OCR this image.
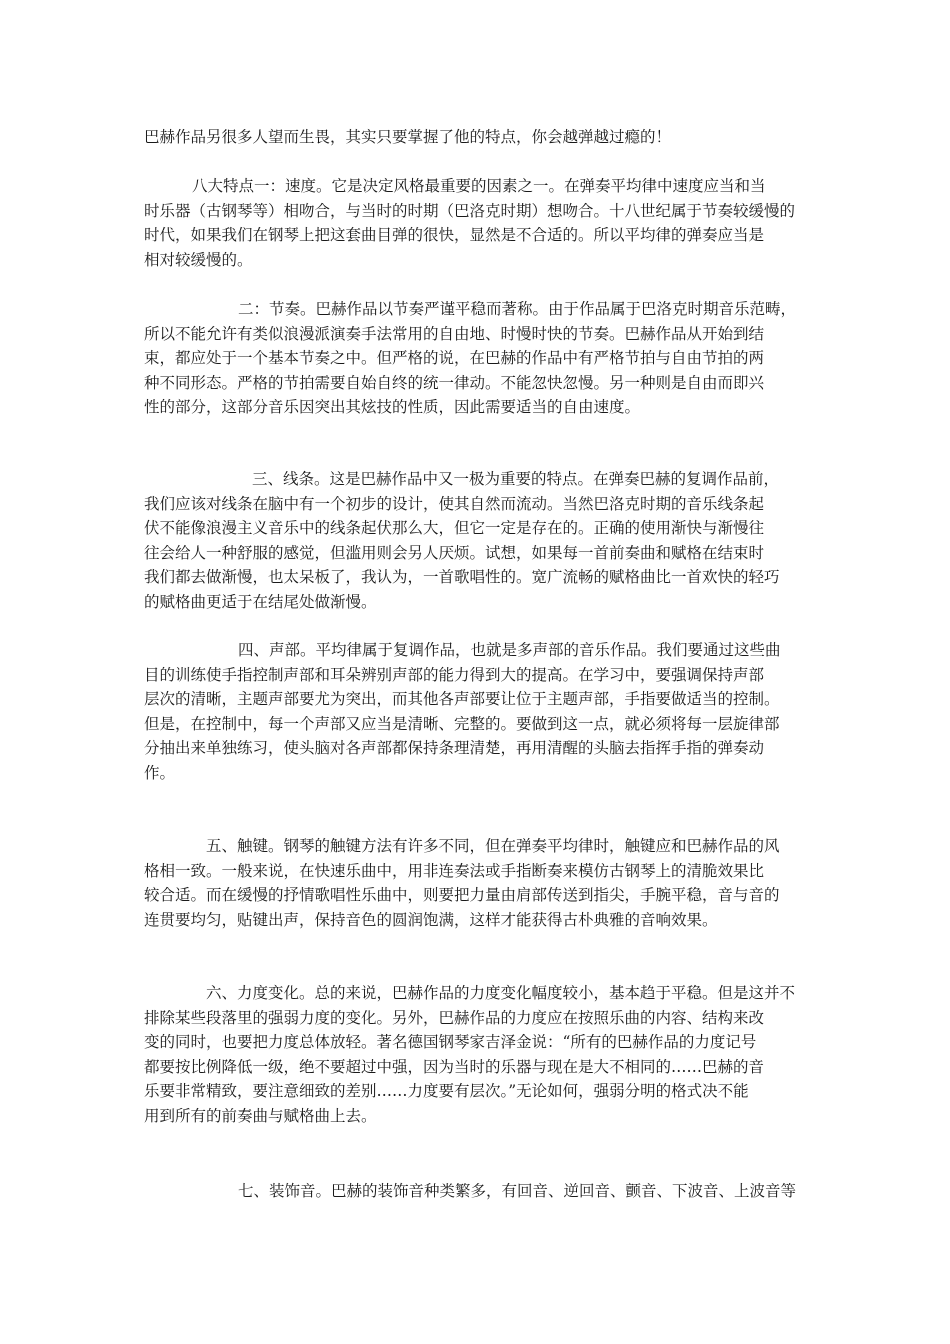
巴赫作品另很多人望而生畏，其实只要掌握了他的特点，你会越弹越过瘾的！
八大特点一：速度。它是决定风格最重要的因素之一。在弹奏平均律中速度应当和当
时乐器（古钢琴等）相吻合，与当时的时期（巴洛克时期）想吻合。十八世纪属于节奏较缓慢的
时代，如果我们在钢琴上把这套曲目弹的很快，显然是不合适的。所以平均律的弹奏应当是
相对较缓慢的。
二：节奏。巴赫作品以节奏严谨平稳而著称。由于作品属于巴洛克时期音乐范畴，
所以不能允许有类似浪漫派演奏手法常用的自由地、时慢时快的节奏。巴赫作品从开始到结
束，都应处于一个基本节奏之中。但严格的说，在巴赫的作品中有严格节拍与自由节拍的两
种不同形态。严格的节拍需要自始自终的统一律动。不能忽快忽慢。另一种则是自由而即兴
性的部分，这部分音乐因突出其炫技的性质，因此需要适当的自由速度。
三、线条。这是巴赫作品中又一极为重要的特点。在弹奏巴赫的复调作品前，
我们应该对线条在脑中有一个初步的设计，使其自然而流动。当然巴洛克时期的音乐线条起
伏不能像浪漫主义音乐中的线条起伏那么大，但它一定是存在的。正确的使用渐快与渐慢往
往会给人一种舒服的感觉，但滥用则会另人厌烦。试想，如果每一首前奏曲和赋格在结束时
我们都去做渐慢，也太呆板了，我认为，一首歌唱性的。宽广流畅的赋格曲比一首欢快的轻巧
的赋格曲更适于在结尾处做渐慢。
四、声部。平均律属于复调作品，也就是多声部的音乐作品。我们要通过这些曲
目的训练使手指控制声部和耳朵辨别声部的能力得到大的提高。在学习中，要强调保持声部
层次的清晰，主题声部要尤为突出，而其他各声部要让位于主题声部，手指要做适当的控制。
但是，在控制中，每一个声部又应当是清晰、完整的。要做到这一点，就必须将每一层旋律部
分抽出来单独练习，使头脑对各声部都保持条理清楚，再用清醒的头脑去指挥手指的弹奏动
作。
五、触键。钢琴的触键方法有许多不同，但在弹奏平均律时，触键应和巴赫作品的风
格相一致。一般来说，在快速乐曲中，用非连奏法或手指断奏来模仿古钢琴上的清脆效果比
较合适。而在缓慢的抒情歌唱性乐曲中，则要把力量由肩部传送到指尖，手腕平稳，音与音的
连贯要均匀，贴键出声，保持音色的圆润饱满，这样才能获得古朴典雅的音响效果。
六、力度变化。总的来说，巴赫作品的力度变化幅度较小，基本趋于平稳。但是这并不
排除某些段落里的强弱力度的变化。另外，巴赫作品的力度应在按照乐曲的内容、结构来改
变的同时，也要把力度总体放轻。著名德国钢琴家吉泽金说：“所有的巴赫作品的力度记号
都要按比例降低一级，绝不要超过中强，因为当时的乐器与现在是大不相同的……巴赫的音
乐要非常精致，要注意细致的差别……力度要有层次。”无论如何，强弱分明的格式决不能
用到所有的前奏曲与赋格曲上去。
七、装饰音。巴赫的装饰音种类繁多，有回音、逆回音、颤音、下波音、上波音等
